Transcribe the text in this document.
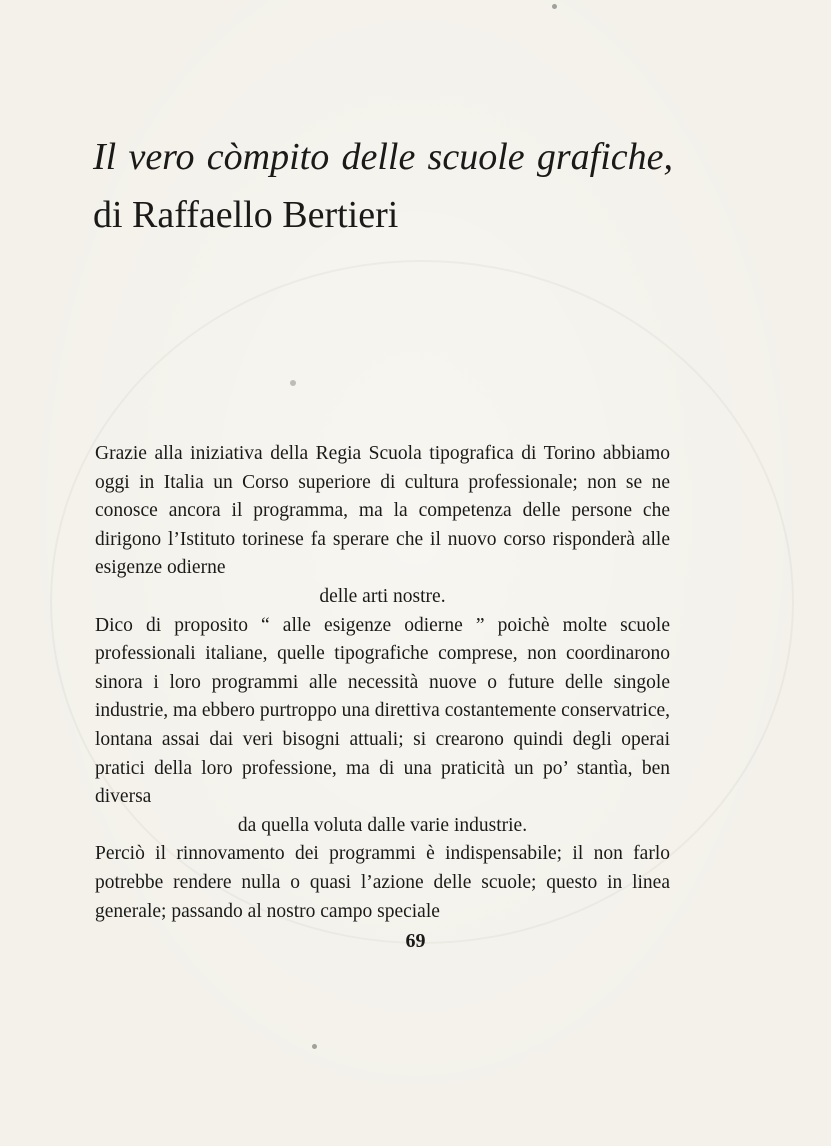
Il vero còmpito delle scuole grafiche, di Raffaello Bertieri

Grazie alla iniziativa della Regia Scuola tipografica di Torino abbiamo oggi in Italia un Corso superiore di cultura professionale; non se ne conosce ancora il programma, ma la competenza delle persone che dirigono l’Istituto torinese fa sperare che il nuovo corso risponderà alle esigenze odierne
delle arti nostre.

Dico di proposito “ alle esigenze odierne ” poichè molte scuole professionali italiane, quelle tipografiche comprese, non coordinarono sinora i loro programmi alle necessità nuove o future delle singole industrie, ma ebbero purtroppo una direttiva costantemente conservatrice, lontana assai dai veri bisogni attuali; si crearono quindi degli operai pratici della loro professione, ma di una praticità un po’ stantìa, ben diversa
da quella voluta dalle varie industrie.

Perciò il rinnovamento dei programmi è indispensabile; il non farlo potrebbe rendere nulla o quasi l’azione delle scuole; questo in linea generale; passando al nostro campo speciale

69
